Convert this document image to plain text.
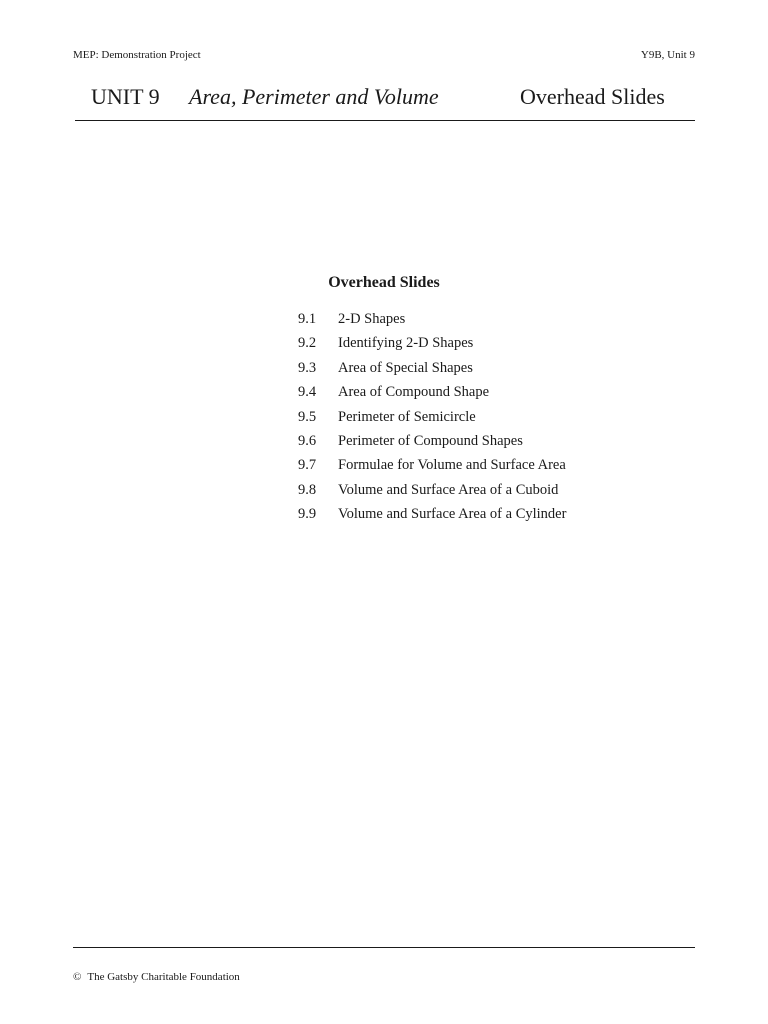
MEP: Demonstration Project	Y9B, Unit 9
UNIT 9 Area, Perimeter and Volume	Overhead Slides
Overhead Slides
9.1 2-D Shapes
9.2 Identifying 2-D Shapes
9.3 Area of Special Shapes
9.4 Area of Compound Shape
9.5 Perimeter of Semicircle
9.6 Perimeter of Compound Shapes
9.7 Formulae for Volume and Surface Area
9.8 Volume and Surface Area of a Cuboid
9.9 Volume and Surface Area of a Cylinder
© The Gatsby Charitable Foundation
